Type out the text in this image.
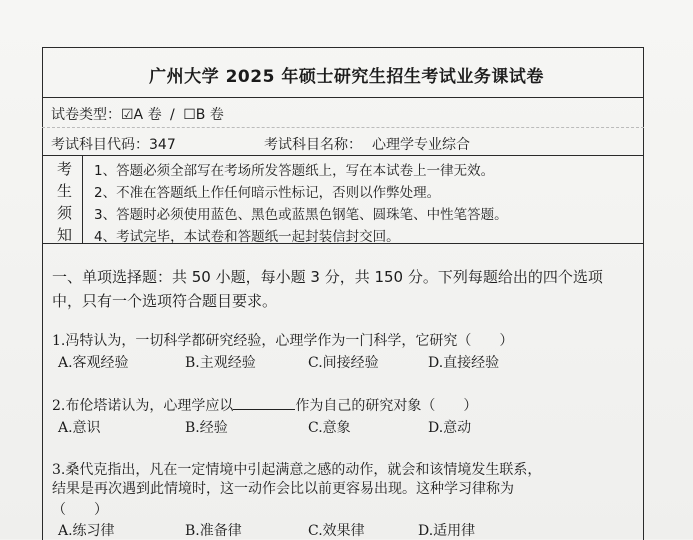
广州大学 2025 年硕士研究生招生考试业务课试卷
试卷类型：☑A 卷 / ☐B 卷
考试科目代码：347	考试科目名称： 心理学专业综合
考
生
须
知
1、答题必须全部写在考场所发答题纸上，写在本试卷上一律无效。
2、不准在答题纸上作任何暗示性标记，否则以作弊处理。
3、答题时必须使用蓝色、黑色或蓝黑色钢笔、圆珠笔、中性笔答题。
4、考试完毕，本试卷和答题纸一起封装信封交回。
一、单项选择题：共 50 小题，每小题 3 分，共 150 分。下列每题给出的四个选项
中，只有一个选项符合题目要求。
1.冯特认为，一切科学都研究经验，心理学作为一门科学，它研究（　　）
A.客观经验	B.主观经验	C.间接经验	D.直接经验
2.布伦塔诺认为，心理学应以	作为自己的研究对象（　　）
A.意识	B.经验	C.意象	D.意动
3.桑代克指出，凡在一定情境中引起满意之感的动作，就会和该情境发生联系，
结果是再次遇到此情境时，这一动作会比以前更容易出现。这种学习律称为
（　　）
A.练习律	B.准备律	C.效果律	D.适用律
